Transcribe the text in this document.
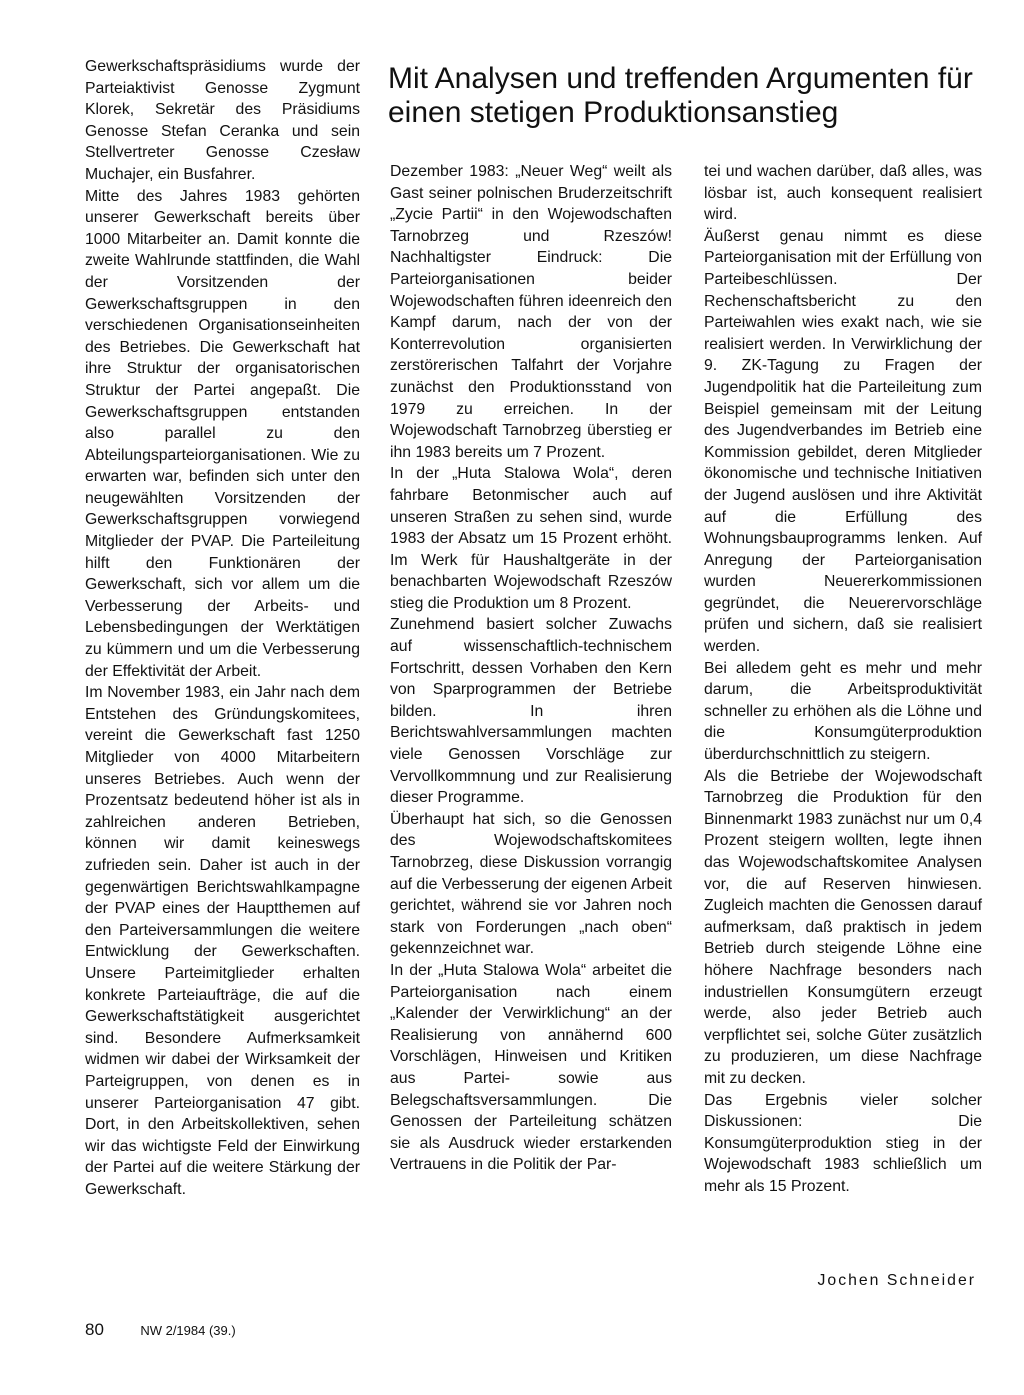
Mit Analysen und treffenden Argumenten für einen stetigen Produktionsanstieg

Gewerkschaftspräsidiums wurde der Parteiaktivist Genosse Zygmunt Klorek, Sekretär des Präsidiums Genosse Stefan Ceranka und sein Stellvertreter Genosse Czesław Muchajer, ein Busfahrer.

Mitte des Jahres 1983 gehörten unserer Gewerkschaft bereits über 1000 Mitarbeiter an. Damit konnte die zweite Wahlrunde stattfinden, die Wahl der Vorsitzenden der Gewerkschaftsgruppen in den verschiedenen Organisationseinheiten des Betriebes. Die Gewerkschaft hat ihre Struktur der organisatorischen Struktur der Partei angepaßt. Die Gewerkschaftsgruppen entstanden also parallel zu den Abteilungsparteiorganisationen. Wie zu erwarten war, befinden sich unter den neugewählten Vorsitzenden der Gewerkschaftsgruppen vorwiegend Mitglieder der PVAP. Die Parteileitung hilft den Funktionären der Gewerkschaft, sich vor allem um die Verbesserung der Arbeits- und Lebensbedingungen der Werktätigen zu kümmern und um die Verbesserung der Effektivität der Arbeit.

Im November 1983, ein Jahr nach dem Entstehen des Gründungskomitees, vereint die Gewerkschaft fast 1250 Mitglieder von 4000 Mitarbeitern unseres Betriebes. Auch wenn der Prozentsatz bedeutend höher ist als in zahlreichen anderen Betrieben, können wir damit keineswegs zufrieden sein. Daher ist auch in der gegenwärtigen Berichtswahlkampagne der PVAP eines der Hauptthemen auf den Parteiversammlungen die weitere Entwicklung der Gewerkschaften. Unsere Parteimitglieder erhalten konkrete Parteiaufträge, die auf die Gewerkschaftstätigkeit ausgerichtet sind. Besondere Aufmerksamkeit widmen wir dabei der Wirksamkeit der Parteigruppen, von denen es in unserer Parteiorganisation 47 gibt. Dort, in den Arbeitskollektiven, sehen wir das wichtigste Feld der Einwirkung der Partei auf die weitere Stärkung der Gewerkschaft.

Dezember 1983: „Neuer Weg“ weilt als Gast seiner polnischen Bruderzeitschrift „Zycie Partii“ in den Wojewodschaften Tarnobrzeg und Rzeszów! Nachhaltigster Eindruck: Die Parteiorganisationen beider Wojewodschaften führen ideenreich den Kampf darum, nach der von der Konterrevolution organisierten zerstörerischen Talfahrt der Vorjahre zunächst den Produktionsstand von 1979 zu erreichen. In der Wojewodschaft Tarnobrzeg überstieg er ihn 1983 bereits um 7 Prozent.

In der „Huta Stalowa Wola“, deren fahrbare Betonmischer auch auf unseren Straßen zu sehen sind, wurde 1983 der Absatz um 15 Prozent erhöht. Im Werk für Haushaltgeräte in der benachbarten Wojewodschaft Rzeszów stieg die Produktion um 8 Prozent.

Zunehmend basiert solcher Zuwachs auf wissenschaftlich-technischem Fortschritt, dessen Vorhaben den Kern von Sparprogrammen der Betriebe bilden. In ihren Berichtswahlversammlungen machten viele Genossen Vorschläge zur Vervollkommnung und zur Realisierung dieser Programme.

Überhaupt hat sich, so die Genossen des Wojewodschaftskomitees Tarnobrzeg, diese Diskussion vorrangig auf die Verbesserung der eigenen Arbeit gerichtet, während sie vor Jahren noch stark von Forderungen „nach oben“ gekennzeichnet war.

In der „Huta Stalowa Wola“ arbeitet die Parteiorganisation nach einem „Kalender der Verwirklichung“ an der Realisierung von annähernd 600 Vorschlägen, Hinweisen und Kritiken aus Partei- sowie aus Belegschaftsversammlungen. Die Genossen der Parteileitung schätzen sie als Ausdruck wieder erstarkenden Vertrauens in die Politik der Par-

tei und wachen darüber, daß alles, was lösbar ist, auch konsequent realisiert wird.

Äußerst genau nimmt es diese Parteiorganisation mit der Erfüllung von Parteibeschlüssen. Der Rechenschaftsbericht zu den Parteiwahlen wies exakt nach, wie sie realisiert werden. In Verwirklichung der 9. ZK-Tagung zu Fragen der Jugendpolitik hat die Parteileitung zum Beispiel gemeinsam mit der Leitung des Jugendverbandes im Betrieb eine Kommission gebildet, deren Mitglieder ökonomische und technische Initiativen der Jugend auslösen und ihre Aktivität auf die Erfüllung des Wohnungsbauprogramms lenken. Auf Anregung der Parteiorganisation wurden Neuererkommissionen gegründet, die Neuerervorschläge prüfen und sichern, daß sie realisiert werden.

Bei alledem geht es mehr und mehr darum, die Arbeitsproduktivität schneller zu erhöhen als die Löhne und die Konsumgüterproduktion überdurchschnittlich zu steigern.

Als die Betriebe der Wojewodschaft Tarnobrzeg die Produktion für den Binnenmarkt 1983 zunächst nur um 0,4 Prozent steigern wollten, legte ihnen das Wojewodschaftskomitee Analysen vor, die auf Reserven hinwiesen. Zugleich machten die Genossen darauf aufmerksam, daß praktisch in jedem Betrieb durch steigende Löhne eine höhere Nachfrage besonders nach industriellen Konsumgütern erzeugt werde, also jeder Betrieb auch verpflichtet sei, solche Güter zusätzlich zu produzieren, um diese Nachfrage mit zu decken.

Das Ergebnis vieler solcher Diskussionen: Die Konsumgüterproduktion stieg in der Wojewodschaft 1983 schließlich um mehr als 15 Prozent.

Jochen Schneider
80	NW 2/1984 (39.)
